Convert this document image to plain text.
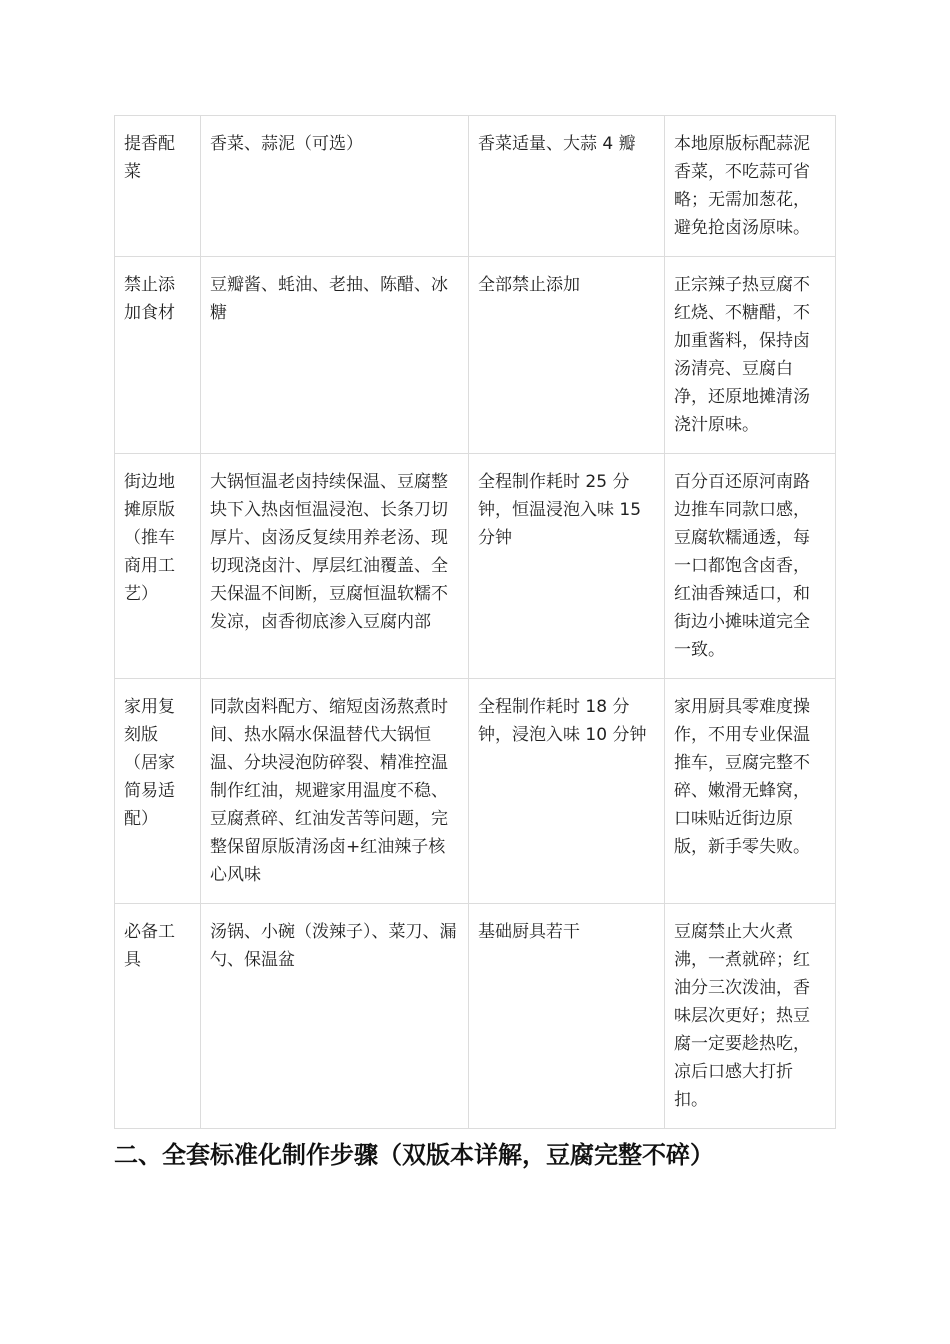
提香配菜	香菜、蒜泥（可选）	香菜适量、大蒜 4 瓣	本地原版标配蒜泥香菜，不吃蒜可省略；无需加葱花，避免抢卤汤原味。
禁止添加食材	豆瓣酱、蚝油、老抽、陈醋、冰糖	全部禁止添加	正宗辣子热豆腐不红烧、不糖醋，不加重酱料，保持卤汤清亮、豆腐白净，还原地摊清汤浇汁原味。
街边地摊原版（推车商用工艺）	大锅恒温老卤持续保温、豆腐整块下入热卤恒温浸泡、长条刀切厚片、卤汤反复续用养老汤、现切现浇卤汁、厚层红油覆盖、全天保温不间断，豆腐恒温软糯不发凉，卤香彻底渗入豆腐内部	全程制作耗时 25 分钟，恒温浸泡入味 15 分钟	百分百还原河南路边推车同款口感，豆腐软糯通透，每一口都饱含卤香，红油香辣适口，和街边小摊味道完全一致。
家用复刻版（居家简易适配）	同款卤料配方、缩短卤汤熬煮时间、热水隔水保温替代大锅恒温、分块浸泡防碎裂、精准控温制作红油，规避家用温度不稳、豆腐煮碎、红油发苦等问题，完整保留原版清汤卤+红油辣子核心风味	全程制作耗时 18 分钟，浸泡入味 10 分钟	家用厨具零难度操作，不用专业保温推车，豆腐完整不碎、嫩滑无蜂窝，口味贴近街边原版，新手零失败。
必备工具	汤锅、小碗（泼辣子）、菜刀、漏勺、保温盆	基础厨具若干	豆腐禁止大火煮沸，一煮就碎；红油分三次泼油，香味层次更好；热豆腐一定要趁热吃，凉后口感大打折扣。
二、全套标准化制作步骤（双版本详解，豆腐完整不碎）
